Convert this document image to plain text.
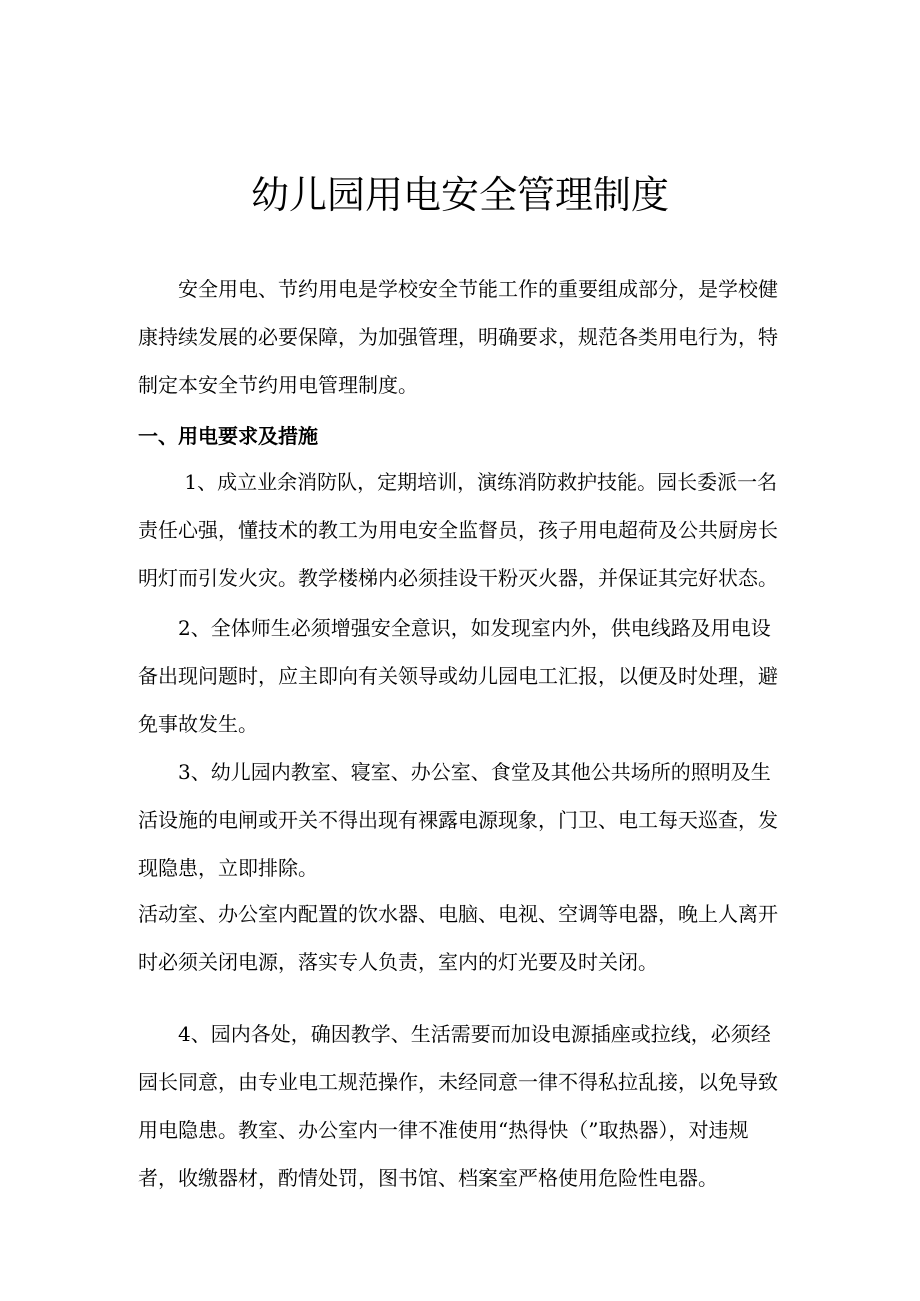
幼儿园用电安全管理制度
　　安全用电、节约用电是学校安全节能工作的重要组成部分，是学校健
康持续发展的必要保障，为加强管理，明确要求，规范各类用电行为，特
制定本安全节约用电管理制度。
一、用电要求及措施
　　 1、成立业余消防队，定期培训，演练消防救护技能。园长委派一名
责任心强，懂技术的教工为用电安全监督员，孩子用电超荷及公共厨房长
明灯而引发火灾。教学楼梯内必须挂设干粉灭火器，并保证其完好状态。
　　2、全体师生必须增强安全意识，如发现室内外，供电线路及用电设
备出现问题时，应主即向有关领导或幼儿园电工汇报，以便及时处理，避
免事故发生。
　　3、幼儿园内教室、寝室、办公室、食堂及其他公共场所的照明及生
活设施的电闸或开关不得出现有裸露电源现象，门卫、电工每天巡查，发
现隐患，立即排除。
活动室、办公室内配置的饮水器、电脑、电视、空调等电器，晚上人离开
时必须关闭电源，落实专人负责，室内的灯光要及时关闭。
　　4、园内各处，确因教学、生活需要而加设电源插座或拉线，必须经
园长同意，由专业电工规范操作，未经同意一律不得私拉乱接，以免导致
用电隐患。教室、办公室内一律不准使用“热得快（”取热器），对违规
者，收缴器材，酌情处罚，图书馆、档案室严格使用危险性电器。
